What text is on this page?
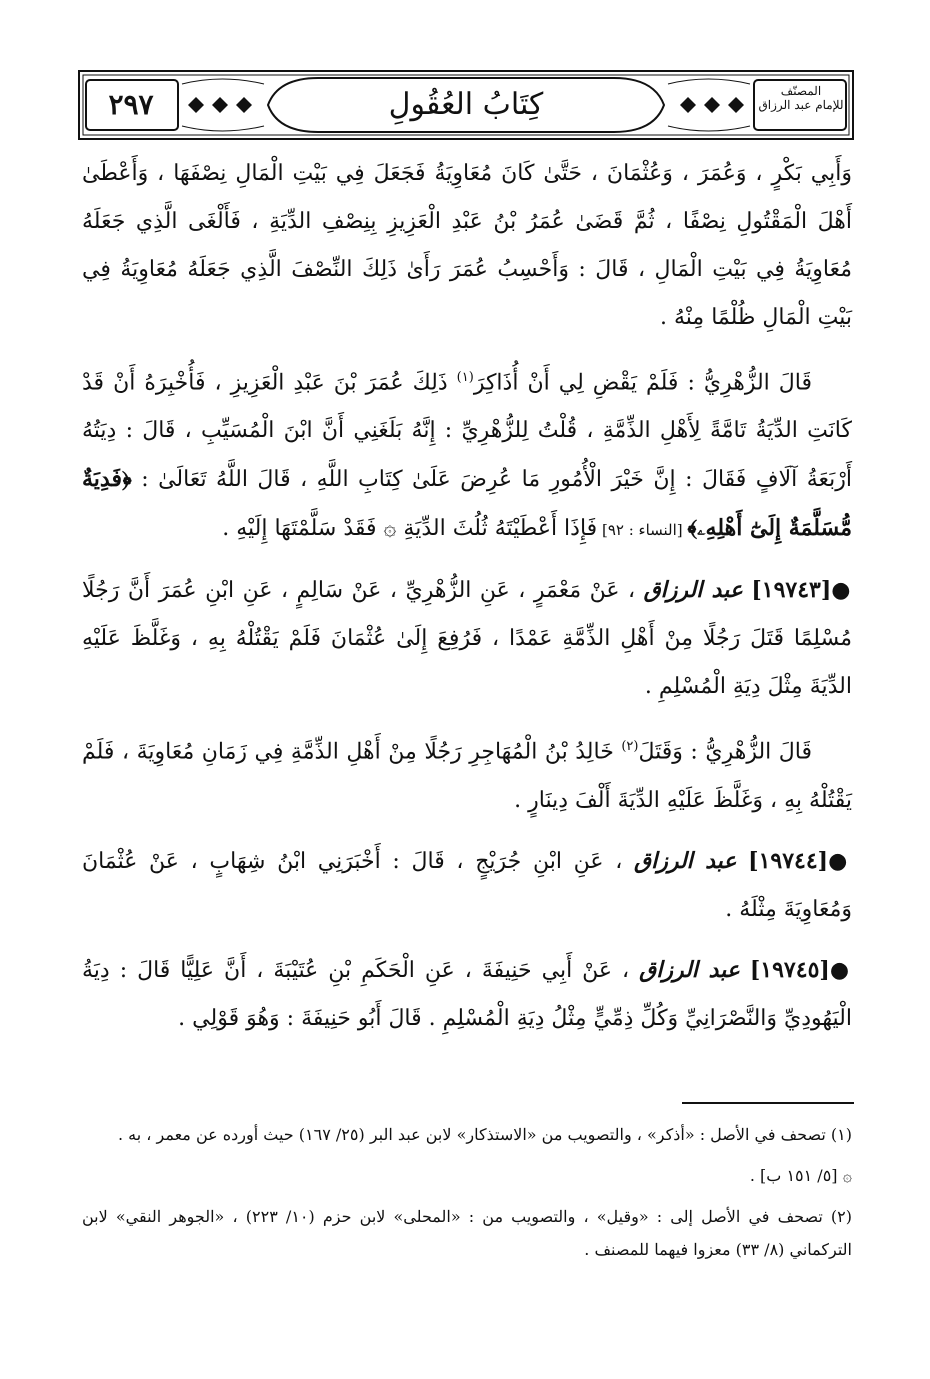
كِتَابُ العُقُولِ
٢٩٧	المصنّف
للإمام عبد الرزاق

وَأَبِي بَكْرٍ ، وَعُمَرَ ، وَعُثْمَانَ ، حَتَّىٰ كَانَ مُعَاوِيَةُ فَجَعَلَ فِي بَيْتِ الْمَالِ نِصْفَهَا ، وَأَعْطَىٰ أَهْلَ الْمَقْتُولِ نِصْفًا ، ثُمَّ قَضَىٰ عُمَرُ بْنُ عَبْدِ الْعَزِيزِ بِنِصْفِ الدِّيَةِ ، فَأَلْغَى الَّذِي جَعَلَهُ مُعَاوِيَةُ فِي بَيْتِ الْمَالِ ، قَالَ : وَأَحْسِبُ عُمَرَ رَأَىٰ ذَلِكَ النِّصْفَ الَّذِي جَعَلَهُ مُعَاوِيَةُ فِي بَيْتِ الْمَالِ ظُلْمًا مِنْهُ .

قَالَ الزُّهْرِيُّ : فَلَمْ يَقْضِ لِي أَنْ أُذَاكِرَ$^{(١)}$ ذَلِكَ عُمَرَ بْنَ عَبْدِ الْعَزِيزِ ، فَأُخْبِرَهُ أَنْ قَدْ كَانَتِ الدِّيَةُ تَامَّةً لِأَهْلِ الذِّمَّةِ ، قُلْتُ لِلزُّهْرِيِّ : إِنَّهُ بَلَغَنِي أَنَّ ابْنَ الْمُسَيِّبِ ، قَالَ : دِيَتُهُ أَرْبَعَةُ آلَافٍ فَقَالَ : إِنَّ خَيْرَ الْأُمُورِ مَا عُرِضَ عَلَىٰ كِتَابِ اللَّهِ ، قَالَ اللَّهُ تَعَالَىٰ : ﴿فَدِيَةٌ مُّسَلَّمَةٌ إِلَىٰٓ أَهْلِهِۦ﴾ [النساء : ٩٢] فَإِذَا أَعْطَيْتَهُ ثُلُثَ الدِّيَةِ ۞ فَقَدْ سَلَّمْتَهَا إِلَيْهِ .

●[١٩٧٤٣] عبد الرزاق ، عَنْ مَعْمَرٍ ، عَنِ الزُّهْرِيِّ ، عَنْ سَالِمٍ ، عَنِ ابْنِ عُمَرَ أَنَّ رَجُلًا مُسْلِمًا قَتَلَ رَجُلًا مِنْ أَهْلِ الذِّمَّةِ عَمْدًا ، فَرُفِعَ إِلَىٰ عُثْمَانَ فَلَمْ يَقْتُلْهُ بِهِ ، وَغَلَّظَ عَلَيْهِ الدِّيَةَ مِثْلَ دِيَةِ الْمُسْلِمِ .

قَالَ الزُّهْرِيُّ : وَقَتَلَ$^{(٢)}$ خَالِدُ بْنُ الْمُهَاجِرِ رَجُلًا مِنْ أَهْلِ الذِّمَّةِ فِي زَمَانِ مُعَاوِيَةَ ، فَلَمْ يَقْتُلْهُ بِهِ ، وَغَلَّظَ عَلَيْهِ الدِّيَةَ أَلْفَ دِينَارٍ .

●[١٩٧٤٤] عبد الرزاق ، عَنِ ابْنِ جُرَيْجٍ ، قَالَ : أَخْبَرَنِي ابْنُ شِهَابٍ ، عَنْ عُثْمَانَ وَمُعَاوِيَةَ مِثْلَهُ .

●[١٩٧٤٥] عبد الرزاق ، عَنْ أَبِي حَنِيفَةَ ، عَنِ الْحَكَمِ بْنِ عُتَيْبَةَ ، أَنَّ عَلِيًّا قَالَ : دِيَةُ الْيَهُودِيِّ وَالنَّصْرَانِيِّ وَكُلِّ ذِمِّيٍّ مِثْلُ دِيَةِ الْمُسْلِمِ . قَالَ أَبُو حَنِيفَةَ : وَهُوَ قَوْلِي .

(١) تصحف في الأصل : «أذكر» ، والتصويب من «الاستذكار» لابن عبد البر (٢٥/ ١٦٧) حيث أورده عن معمر ، به .

۞ [٥/ ١٥١ ب] .

(٢) تصحف في الأصل إلى : «وقيل» ، والتصويب من : «المحلى» لابن حزم (١٠/ ٢٢٣) ، «الجوهر النقي» لابن التركماني (٨/ ٣٣) معزوا فيهما للمصنف .
